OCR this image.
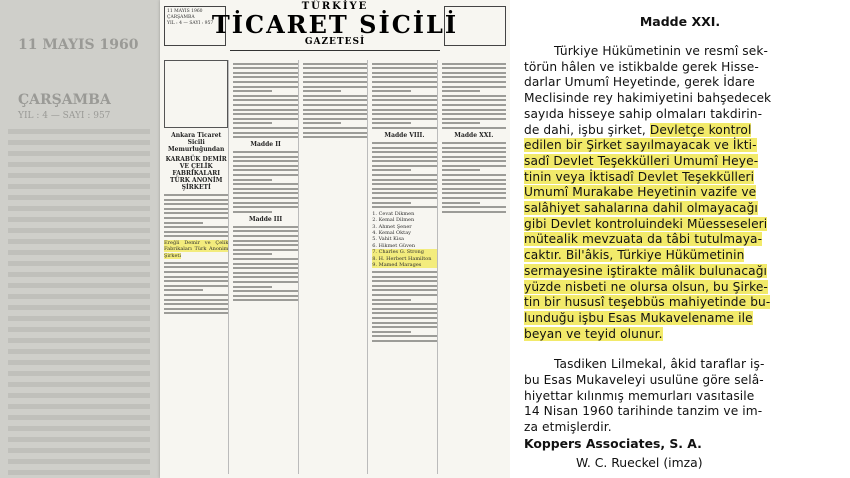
11 MAYIS 1960
ÇARŞAMBA
YIL : 4 — SAYI : 957
11 MAYIS 1960 ÇARŞAMBA
YIL : 4 — SAYI : 957
TÜRKİYE
TİCARET SİCİLİ
GAZETESİ
Ankara Ticaret Sicili Memurluğundan
KARABÜK DEMİR VE ÇELİK FABRİKALARI TÜRK ANONİM ŞİRKETİ
Ereğli Demir ve Çelik Fabrikaları Türk Anonim Şirketi
Madde II
Madde III
Madde VIII.
1. Cevat Dikmen
2. Kemal Dilmen
3. Ahmet Şener
4. Kemal Oktay
5. Vahit Kisa
6. Hikmet Güven
7. Charles G. Strong
8. H. Herbert Hamilton
9. Mamed Marages
Madde XXI.
Madde XXI.
Türkiye Hükümetinin ve resmî sek-
törün hâlen ve istikbalde gerek Hisse-
darlar Umumî Heyetinde, gerek İdare
Meclisinde rey hakimiyetini bahşedecek
sayıda hisseye sahip olmaları takdirin-
de dahi, işbu şirket, Devletçe kontrol
edilen bir Şirket sayılmayacak ve İkti-
sadî Devlet Teşekkülleri Umumî Heye-
tinin veya İktisadî Devlet Teşekkülleri
Umumî Murakabe Heyetinin vazife ve
salâhiyet sahalarına dahil olmayacağı
gibi Devlet kontroluindeki Müesseseleri
mütealik mevzuata da tâbi tutulmaya-
caktır. Bil'âkis, Türkiye Hükümetinin
sermayesine iştirakte mâlik bulunacağı
yüzde nisbeti ne olursa olsun, bu Şirke-
tin bir hususî teşebbüs mahiyetinde bu-
lunduğu işbu Esas Mukavelename ile
beyan ve teyid olunur.
Tasdiken Lilmekal, âkid taraflar iş-
bu Esas Mukaveleyi usulüne göre selâ-
hiyettar kılınmış memurları vasıtasile
14 Nisan 1960 tarihinde tanzim ve im-
za etmişlerdir.
Koppers Associates, S. A.
W. C. Rueckel (imza)
